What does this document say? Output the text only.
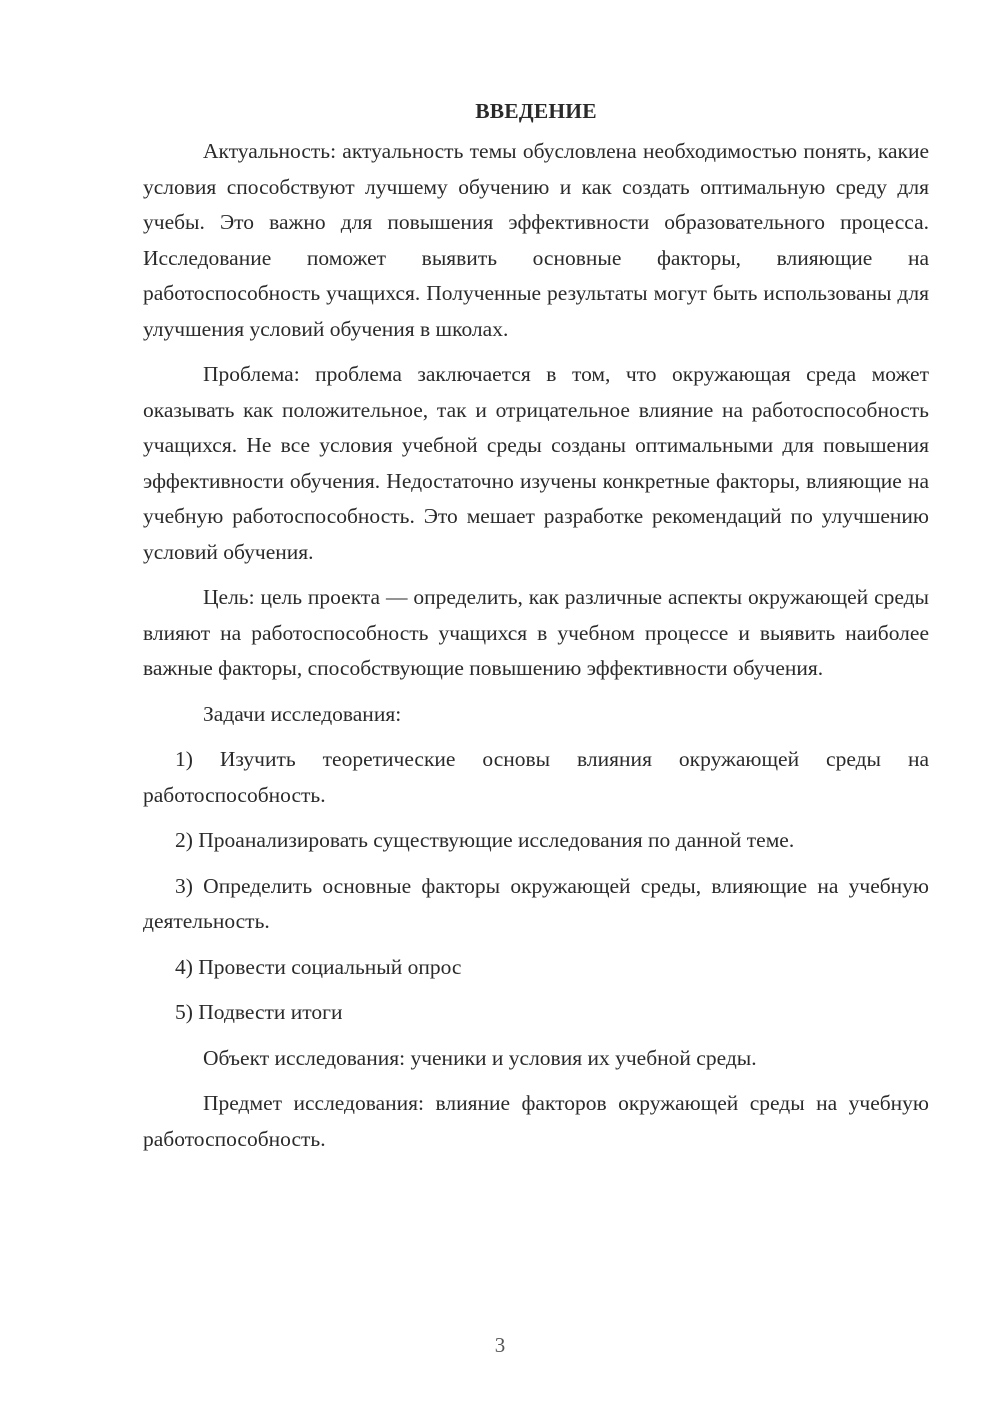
ВВЕДЕНИЕ

Актуальность: актуальность темы обусловлена необходимостью понять, какие условия способствуют лучшему обучению и как создать оптимальную среду для учебы. Это важно для повышения эффективности образовательного процесса. Исследование поможет выявить основные факторы, влияющие на работоспособность учащихся. Полученные результаты могут быть использованы для улучшения условий обучения в школах.

Проблема: проблема заключается в том, что окружающая среда может оказывать как положительное, так и отрицательное влияние на работоспособность учащихся. Не все условия учебной среды созданы оптимальными для повышения эффективности обучения. Недостаточно изучены конкретные факторы, влияющие на учебную работоспособность. Это мешает разработке рекомендаций по улучшению условий обучения.

Цель: цель проекта — определить, как различные аспекты окружающей среды влияют на работоспособность учащихся в учебном процессе и выявить наиболее важные факторы, способствующие повышению эффективности обучения.

Задачи исследования:

1) Изучить теоретические основы влияния окружающей среды на работоспособность.

2) Проанализировать существующие исследования по данной теме.

3) Определить основные факторы окружающей среды, влияющие на учебную деятельность.

4) Провести социальный опрос

5) Подвести итоги

Объект исследования: ученики и условия их учебной среды.

Предмет исследования: влияние факторов окружающей среды на учебную работоспособность.

3
